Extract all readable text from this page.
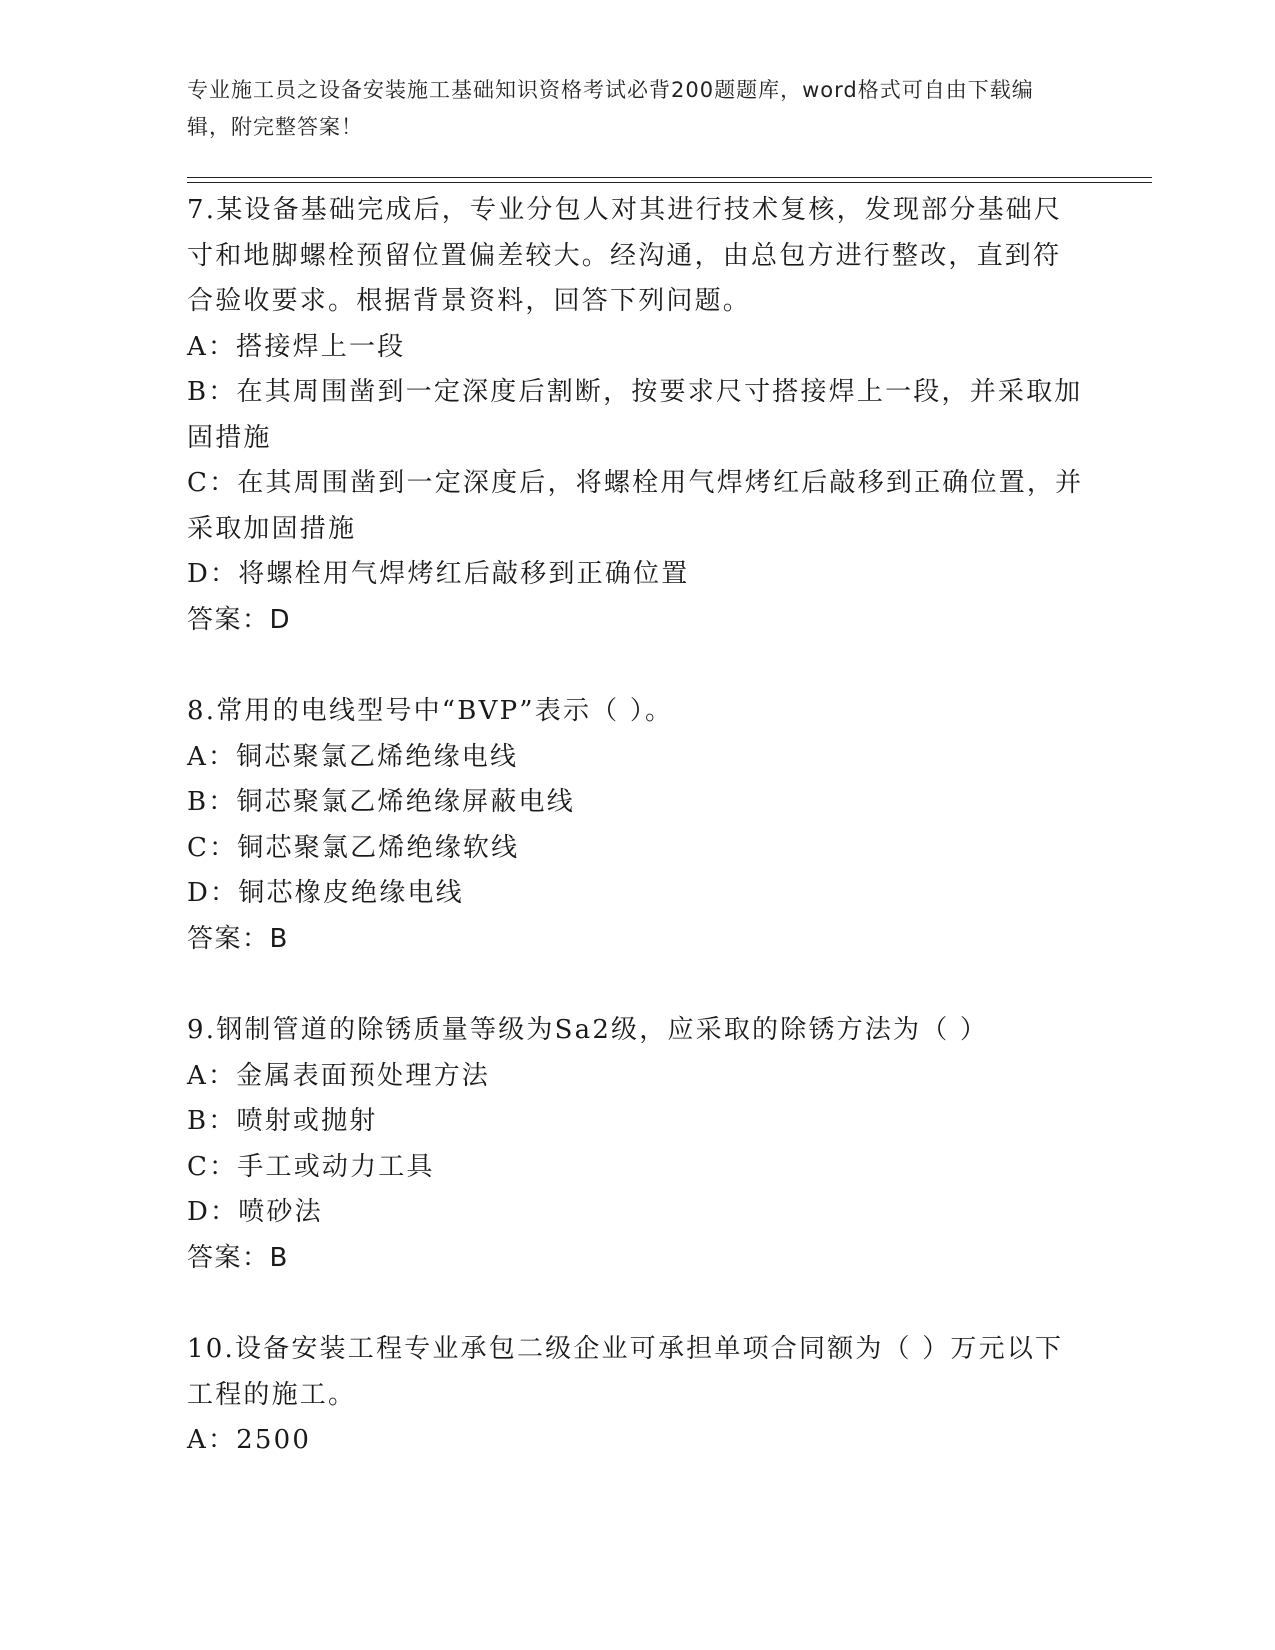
专业施工员之设备安装施工基础知识资格考试必背200题题库，word格式可自由下载编辑，附完整答案！

7.某设备基础完成后，专业分包人对其进行技术复核，发现部分基础尺寸和地脚螺栓预留位置偏差较大。经沟通，由总包方进行整改，直到符合验收要求。根据背景资料，回答下列问题。

A：搭接焊上一段

B：在其周围凿到一定深度后割断，按要求尺寸搭接焊上一段，并采取加固措施

C：在其周围凿到一定深度后，将螺栓用气焊烤红后敲移到正确位置，并采取加固措施

D：将螺栓用气焊烤红后敲移到正确位置

答案：D

8.常用的电线型号中“BVP”表示（ ）。

A：铜芯聚氯乙烯绝缘电线

B：铜芯聚氯乙烯绝缘屏蔽电线

C：铜芯聚氯乙烯绝缘软线

D：铜芯橡皮绝缘电线

答案：B

9.钢制管道的除锈质量等级为Sa2级，应采取的除锈方法为（ ）

A：金属表面预处理方法

B：喷射或抛射

C：手工或动力工具

D：喷砂法

答案：B

10.设备安装工程专业承包二级企业可承担单项合同额为（ ）万元以下工程的施工。

A：2500
